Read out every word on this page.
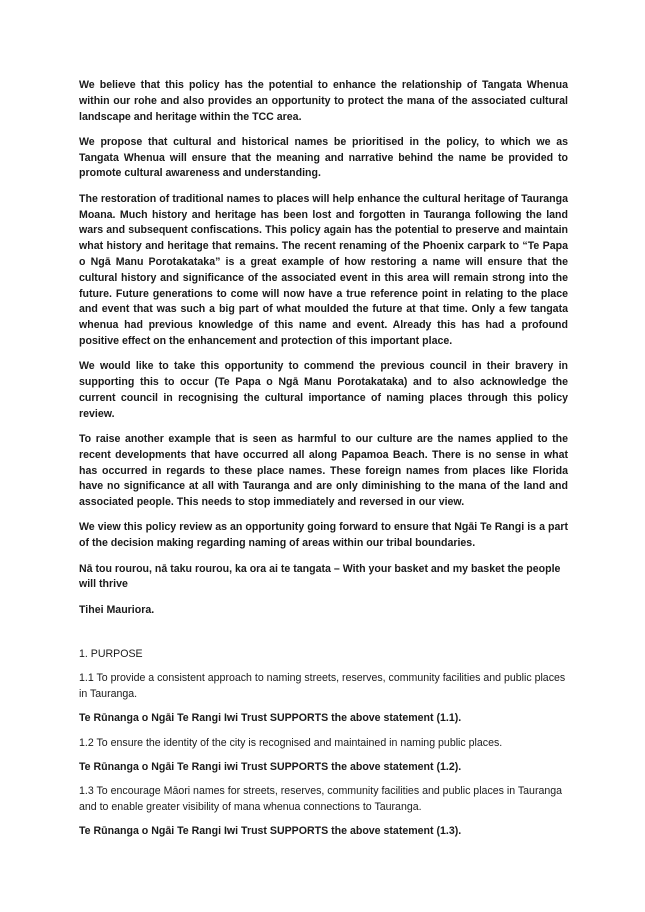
We believe that this policy has the potential to enhance the relationship of Tangata Whenua within our rohe and also provides an opportunity to protect the mana of the associated cultural landscape and heritage within the TCC area.

We propose that cultural and historical names be prioritised in the policy, to which we as Tangata Whenua will ensure that the meaning and narrative behind the name be provided to promote cultural awareness and understanding.

The restoration of traditional names to places will help enhance the cultural heritage of Tauranga Moana. Much history and heritage has been lost and forgotten in Tauranga following the land wars and subsequent confiscations. This policy again has the potential to preserve and maintain what history and heritage that remains. The recent renaming of the Phoenix carpark to “Te Papa o Ngā Manu Porotakataka” is a great example of how restoring a name will ensure that the cultural history and significance of the associated event in this area will remain strong into the future. Future generations to come will now have a true reference point in relating to the place and event that was such a big part of what moulded the future at that time. Only a few tangata whenua had previous knowledge of this name and event. Already this has had a profound positive effect on the enhancement and protection of this important place.

We would like to take this opportunity to commend the previous council in their bravery in supporting this to occur (Te Papa o Ngā Manu Porotakataka) and to also acknowledge the current council in recognising the cultural importance of naming places through this policy review.

To raise another example that is seen as harmful to our culture are the names applied to the recent developments that have occurred all along Papamoa Beach. There is no sense in what has occurred in regards to these place names. These foreign names from places like Florida have no significance at all with Tauranga and are only diminishing to the mana of the land and associated people. This needs to stop immediately and reversed in our view.

We view this policy review as an opportunity going forward to ensure that Ngāi Te Rangi is a part of the decision making regarding naming of areas within our tribal boundaries.

Nā tou rourou, nā taku rourou, ka ora ai te tangata – With your basket and my basket the people will thrive

Tihei Mauriora.

1. PURPOSE

1.1 To provide a consistent approach to naming streets, reserves, community facilities and public places in Tauranga.

Te Rūnanga o Ngāi Te Rangi Iwi Trust SUPPORTS the above statement (1.1).

1.2 To ensure the identity of the city is recognised and maintained in naming public places.

Te Rūnanga o Ngāi Te Rangi iwi Trust SUPPORTS the above statement (1.2).

1.3 To encourage Māori names for streets, reserves, community facilities and public places in Tauranga and to enable greater visibility of mana whenua connections to Tauranga.

Te Rūnanga o Ngāi Te Rangi Iwi Trust SUPPORTS the above statement (1.3).
